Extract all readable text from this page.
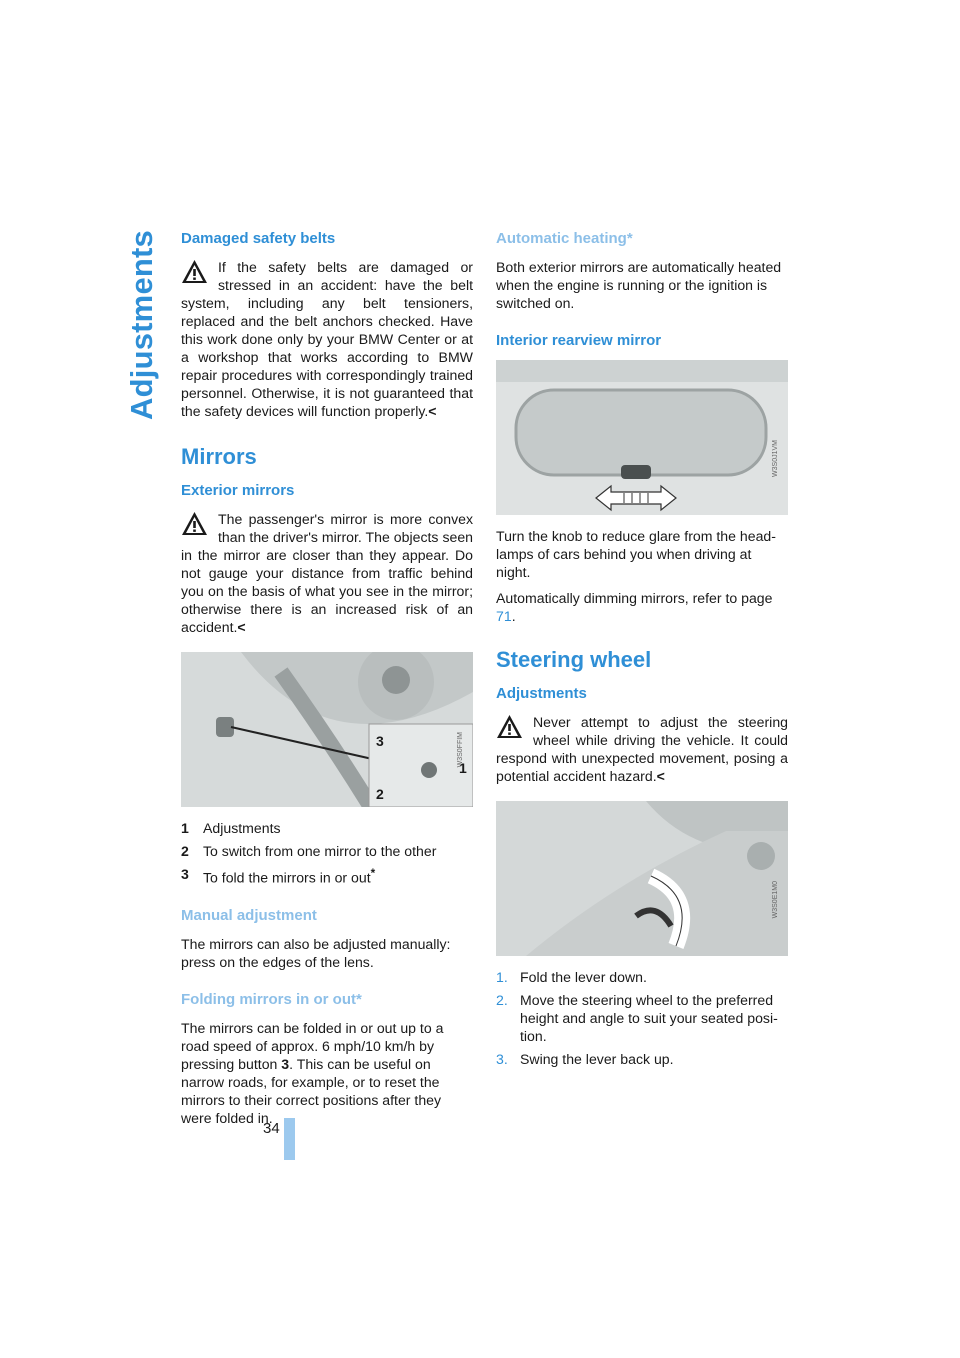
Adjustments Damaged safety belts
If the safety belts are damaged or stressed in an accident: have the belt system, including any belt tensioners, replaced and the belt anchors checked. Have this work done only by your BMW Center or at a workshop that works according to BMW repair procedures with correspondingly trained personnel. Otherwise, it is not guaranteed that the safety devices will function properly.<
Mirrors
Exterior mirrors
The passenger's mirror is more convex than the driver's mirror. The objects seen in the mirror are closer than they appear. Do not gauge your distance from traffic behind you on the basis of what you see in the mirror; otherwise there is an increased risk of an accident.<
3
1
2
W3S0FFIM
1 Adjustments
2 To switch from one mirror to the other
3 To fold the mirrors in or out*
Manual adjustment

The mirrors can also be adjusted manually: press on the edges of the lens.

Folding mirrors in or out*

The mirrors can be folded in or out up to a road speed of approx. 6 mph/10 km/h by pressing button 3. This can be useful on narrow roads, for example, or to reset the mirrors to their correct positions after they were folded in.

Automatic heating*

Both exterior mirrors are automatically heated when the engine is running or the ignition is switched on.

Interior rearview mirror
W3S0J1VM

Turn the knob to reduce glare from the headlamps of cars behind you when driving at night.

Automatically dimming mirrors, refer to page 71.

Steering wheel
Adjustments
Never attempt to adjust the steering wheel while driving the vehicle. It could respond with unexpected movement, posing a potential accident hazard.<
W3S0E1M0
1. Fold the lever down.
2. Move the steering wheel to the preferred height and angle to suit your seated position.
3. Swing the lever back up.
34
